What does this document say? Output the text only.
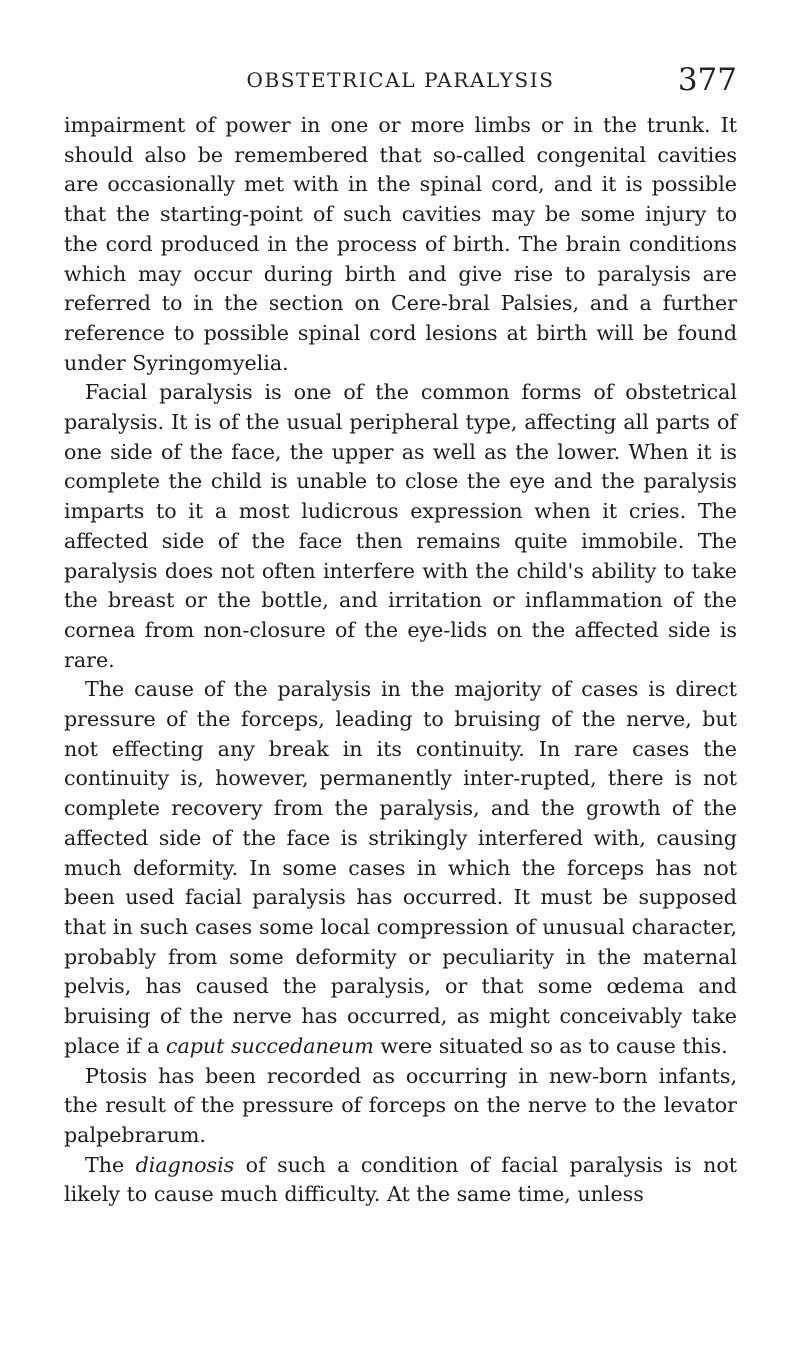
OBSTETRICAL PARALYSIS	377

impairment of power in one or more limbs or in the trunk. It should also be remembered that so-called congenital cavities are occasionally met with in the spinal cord, and it is possible that the starting-point of such cavities may be some injury to the cord produced in the process of birth. The brain conditions which may occur during birth and give rise to paralysis are referred to in the section on Cere-bral Palsies, and a further reference to possible spinal cord lesions at birth will be found under Syringomyelia.

Facial paralysis is one of the common forms of obstetrical paralysis. It is of the usual peripheral type, affecting all parts of one side of the face, the upper as well as the lower. When it is complete the child is unable to close the eye and the paralysis imparts to it a most ludicrous expression when it cries. The affected side of the face then remains quite immobile. The paralysis does not often interfere with the child's ability to take the breast or the bottle, and irritation or inflammation of the cornea from non-closure of the eye-lids on the affected side is rare.

The cause of the paralysis in the majority of cases is direct pressure of the forceps, leading to bruising of the nerve, but not effecting any break in its continuity. In rare cases the continuity is, however, permanently inter-rupted, there is not complete recovery from the paralysis, and the growth of the affected side of the face is strikingly interfered with, causing much deformity. In some cases in which the forceps has not been used facial paralysis has occurred. It must be supposed that in such cases some local compression of unusual character, probably from some deformity or peculiarity in the maternal pelvis, has caused the paralysis, or that some œdema and bruising of the nerve has occurred, as might conceivably take place if a caput succedaneum were situated so as to cause this.

Ptosis has been recorded as occurring in new-born infants, the result of the pressure of forceps on the nerve to the levator palpebrarum.

The diagnosis of such a condition of facial paralysis is not likely to cause much difficulty. At the same time, unless
